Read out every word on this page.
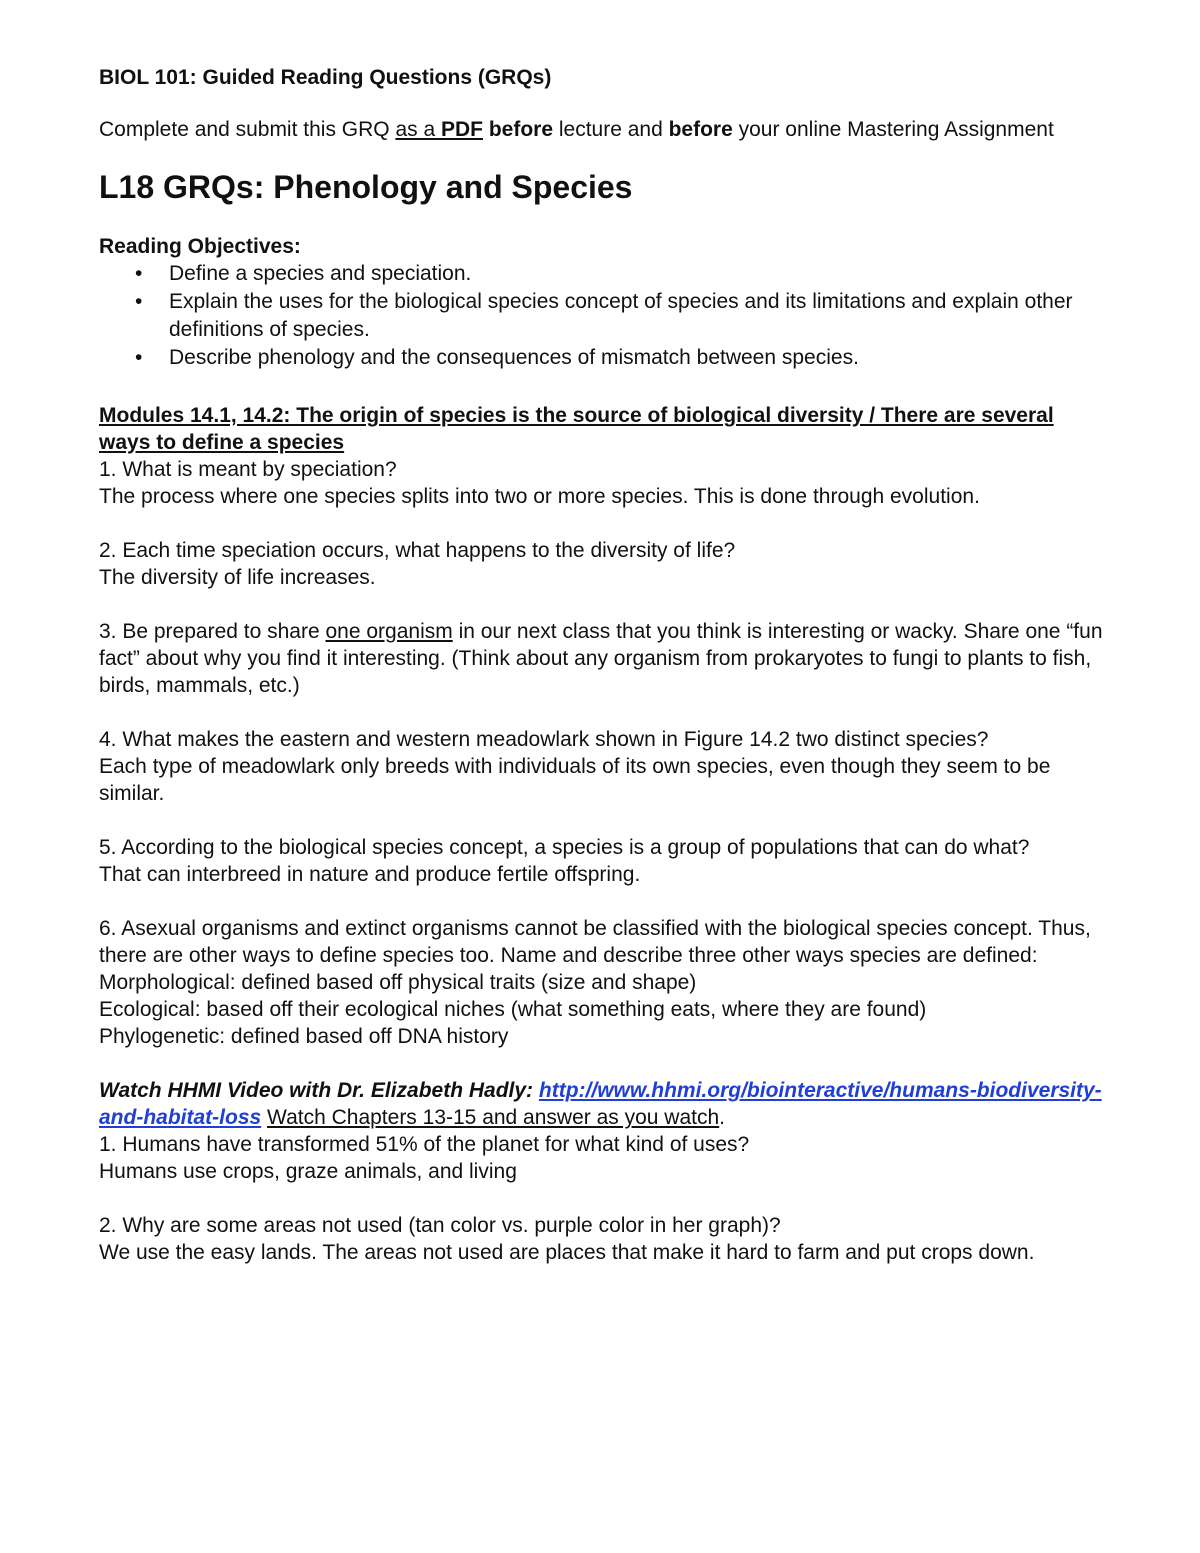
BIOL 101: Guided Reading Questions (GRQs)

Complete and submit this GRQ as a PDF before lecture and before your online Mastering Assignment

L18 GRQs: Phenology and Species

Reading Objectives:

• Define a species and speciation.
• Explain the uses for the biological species concept of species and its limitations and explain other definitions of species.
• Describe phenology and the consequences of mismatch between species.

Modules 14.1, 14.2: The origin of species is the source of biological diversity / There are several ways to define a species

1. What is meant by speciation?

The process where one species splits into two or more species. This is done through evolution.

2. Each time speciation occurs, what happens to the diversity of life?

The diversity of life increases.

3. Be prepared to share one organism in our next class that you think is interesting or wacky. Share one “fun fact” about why you find it interesting. (Think about any organism from prokaryotes to fungi to plants to fish, birds, mammals, etc.)

4. What makes the eastern and western meadowlark shown in Figure 14.2 two distinct species?

Each type of meadowlark only breeds with individuals of its own species, even though they seem to be similar.

5. According to the biological species concept, a species is a group of populations that can do what?

That can interbreed in nature and produce fertile offspring.

6. Asexual organisms and extinct organisms cannot be classified with the biological species concept. Thus, there are other ways to define species too. Name and describe three other ways species are defined:

Morphological: defined based off physical traits (size and shape)

Ecological: based off their ecological niches (what something eats, where they are found)

Phylogenetic: defined based off DNA history

Watch HHMI Video with Dr. Elizabeth Hadly: http://www.hhmi.org/biointeractive/humans-biodiversity-and-habitat-loss Watch Chapters 13-15 and answer as you watch.

1. Humans have transformed 51% of the planet for what kind of uses?

Humans use crops, graze animals, and living

2. Why are some areas not used (tan color vs. purple color in her graph)?

We use the easy lands. The areas not used are places that make it hard to farm and put crops down.
